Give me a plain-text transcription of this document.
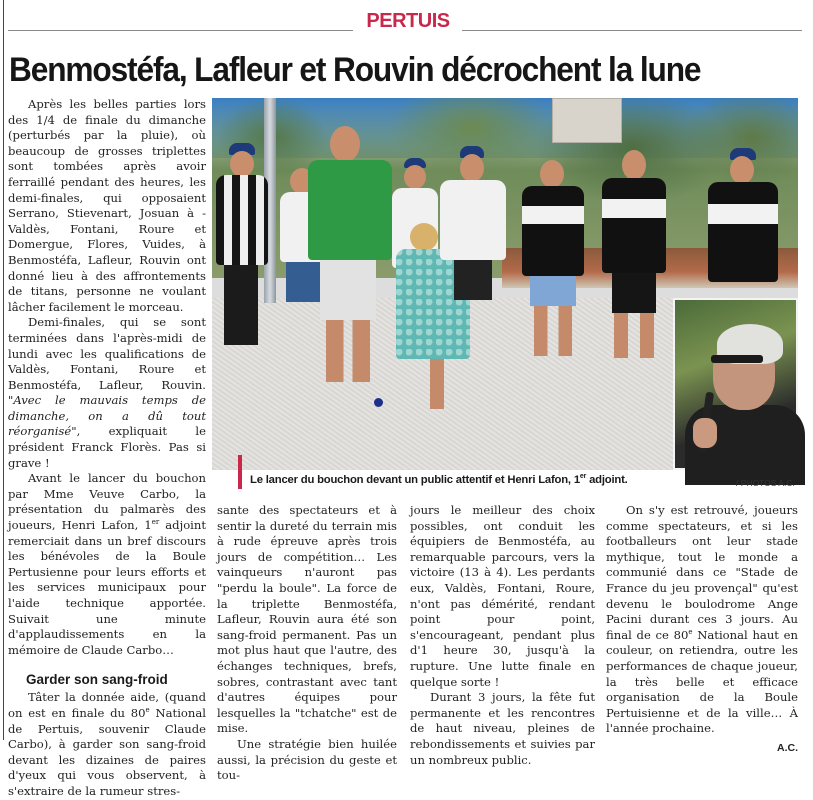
PERTUIS
Benmostéfa, Lafleur et Rouvin décrochent la lune

Après les belles parties lors des 1/4 de finale du dimanche (perturbés par la pluie), où beaucoup de grosses triplettes sont tombées après avoir ferraillé pendant des heures, les demi-finales, qui opposaient Serrano, Stievenart, Josuan à - Valdès, Fontani, Roure et Domergue, Flores, Vuides, à Benmostéfa, Lafleur, Rouvin ont donné lieu à des affrontements de titans, personne ne voulant lâcher facilement le morceau.

Demi-finales, qui se sont terminées dans l'après-midi de lundi avec les qualifications de Valdès, Fontani, Roure et Benmostéfa, Lafleur, Rouvin. "Avec le mauvais temps de dimanche, on a dû tout réorganisé", expliquait le président Franck Florès. Pas si grave !

Avant le lancer du bouchon par Mme Veuve Carbo, la présentation du palmarès des joueurs, Henri Lafon, 1er adjoint remerciait dans un bref discours les bénévoles de la Boule Pertusienne pour leurs efforts et les services municipaux pour l'aide technique apportée. Suivait une minute d'applaudissements en la mémoire de Claude Carbo…

Garder son sang-froid

Tâter la donnée aide, (quand on est en finale du 80e National de Pertuis, souvenir Claude Carbo), à garder son sang-froid devant les dizaines de paires d'yeux qui vous observent, à s'extraire de la rumeur stres-

Le lancer du bouchon devant un public attentif et Henri Lafon, 1er adjoint.	/ PHOTOS A.C.

sante des spectateurs et à sentir la dureté du terrain mis à rude épreuve après trois jours de compétition… Les vainqueurs n'auront pas "perdu la boule". La force de la triplette Benmostéfa, Lafleur, Rouvin aura été son sang-froid permanent. Pas un mot plus haut que l'autre, des échanges techniques, brefs, sobres, contrastant avec tant d'autres équipes pour lesquelles la "tchatche" est de mise.

Une stratégie bien huilée aussi, la précision du geste et tou-

jours le meilleur des choix possibles, ont conduit les équipiers de Benmostéfa, au remarquable parcours, vers la victoire (13 à 4). Les perdants eux, Valdès, Fontani, Roure, n'ont pas démérité, rendant point pour point, s'encourageant, pendant plus d'1 heure 30, jusqu'à la rupture. Une lutte finale en quelque sorte !

Durant 3 jours, la fête fut permanente et les rencontres de haut niveau, pleines de rebondissements et suivies par un nombreux public.

On s'y est retrouvé, joueurs comme spectateurs, et si les footballeurs ont leur stade mythique, tout le monde a communié dans ce "Stade de France du jeu provençal" qu'est devenu le boulodrome Ange Pacini durant ces 3 jours. Au final de ce 80e National haut en couleur, on retiendra, outre les performances de chaque joueur, la très belle et efficace organisation de la Boule Pertuisienne et de la ville… À l'année prochaine.

A.C.
